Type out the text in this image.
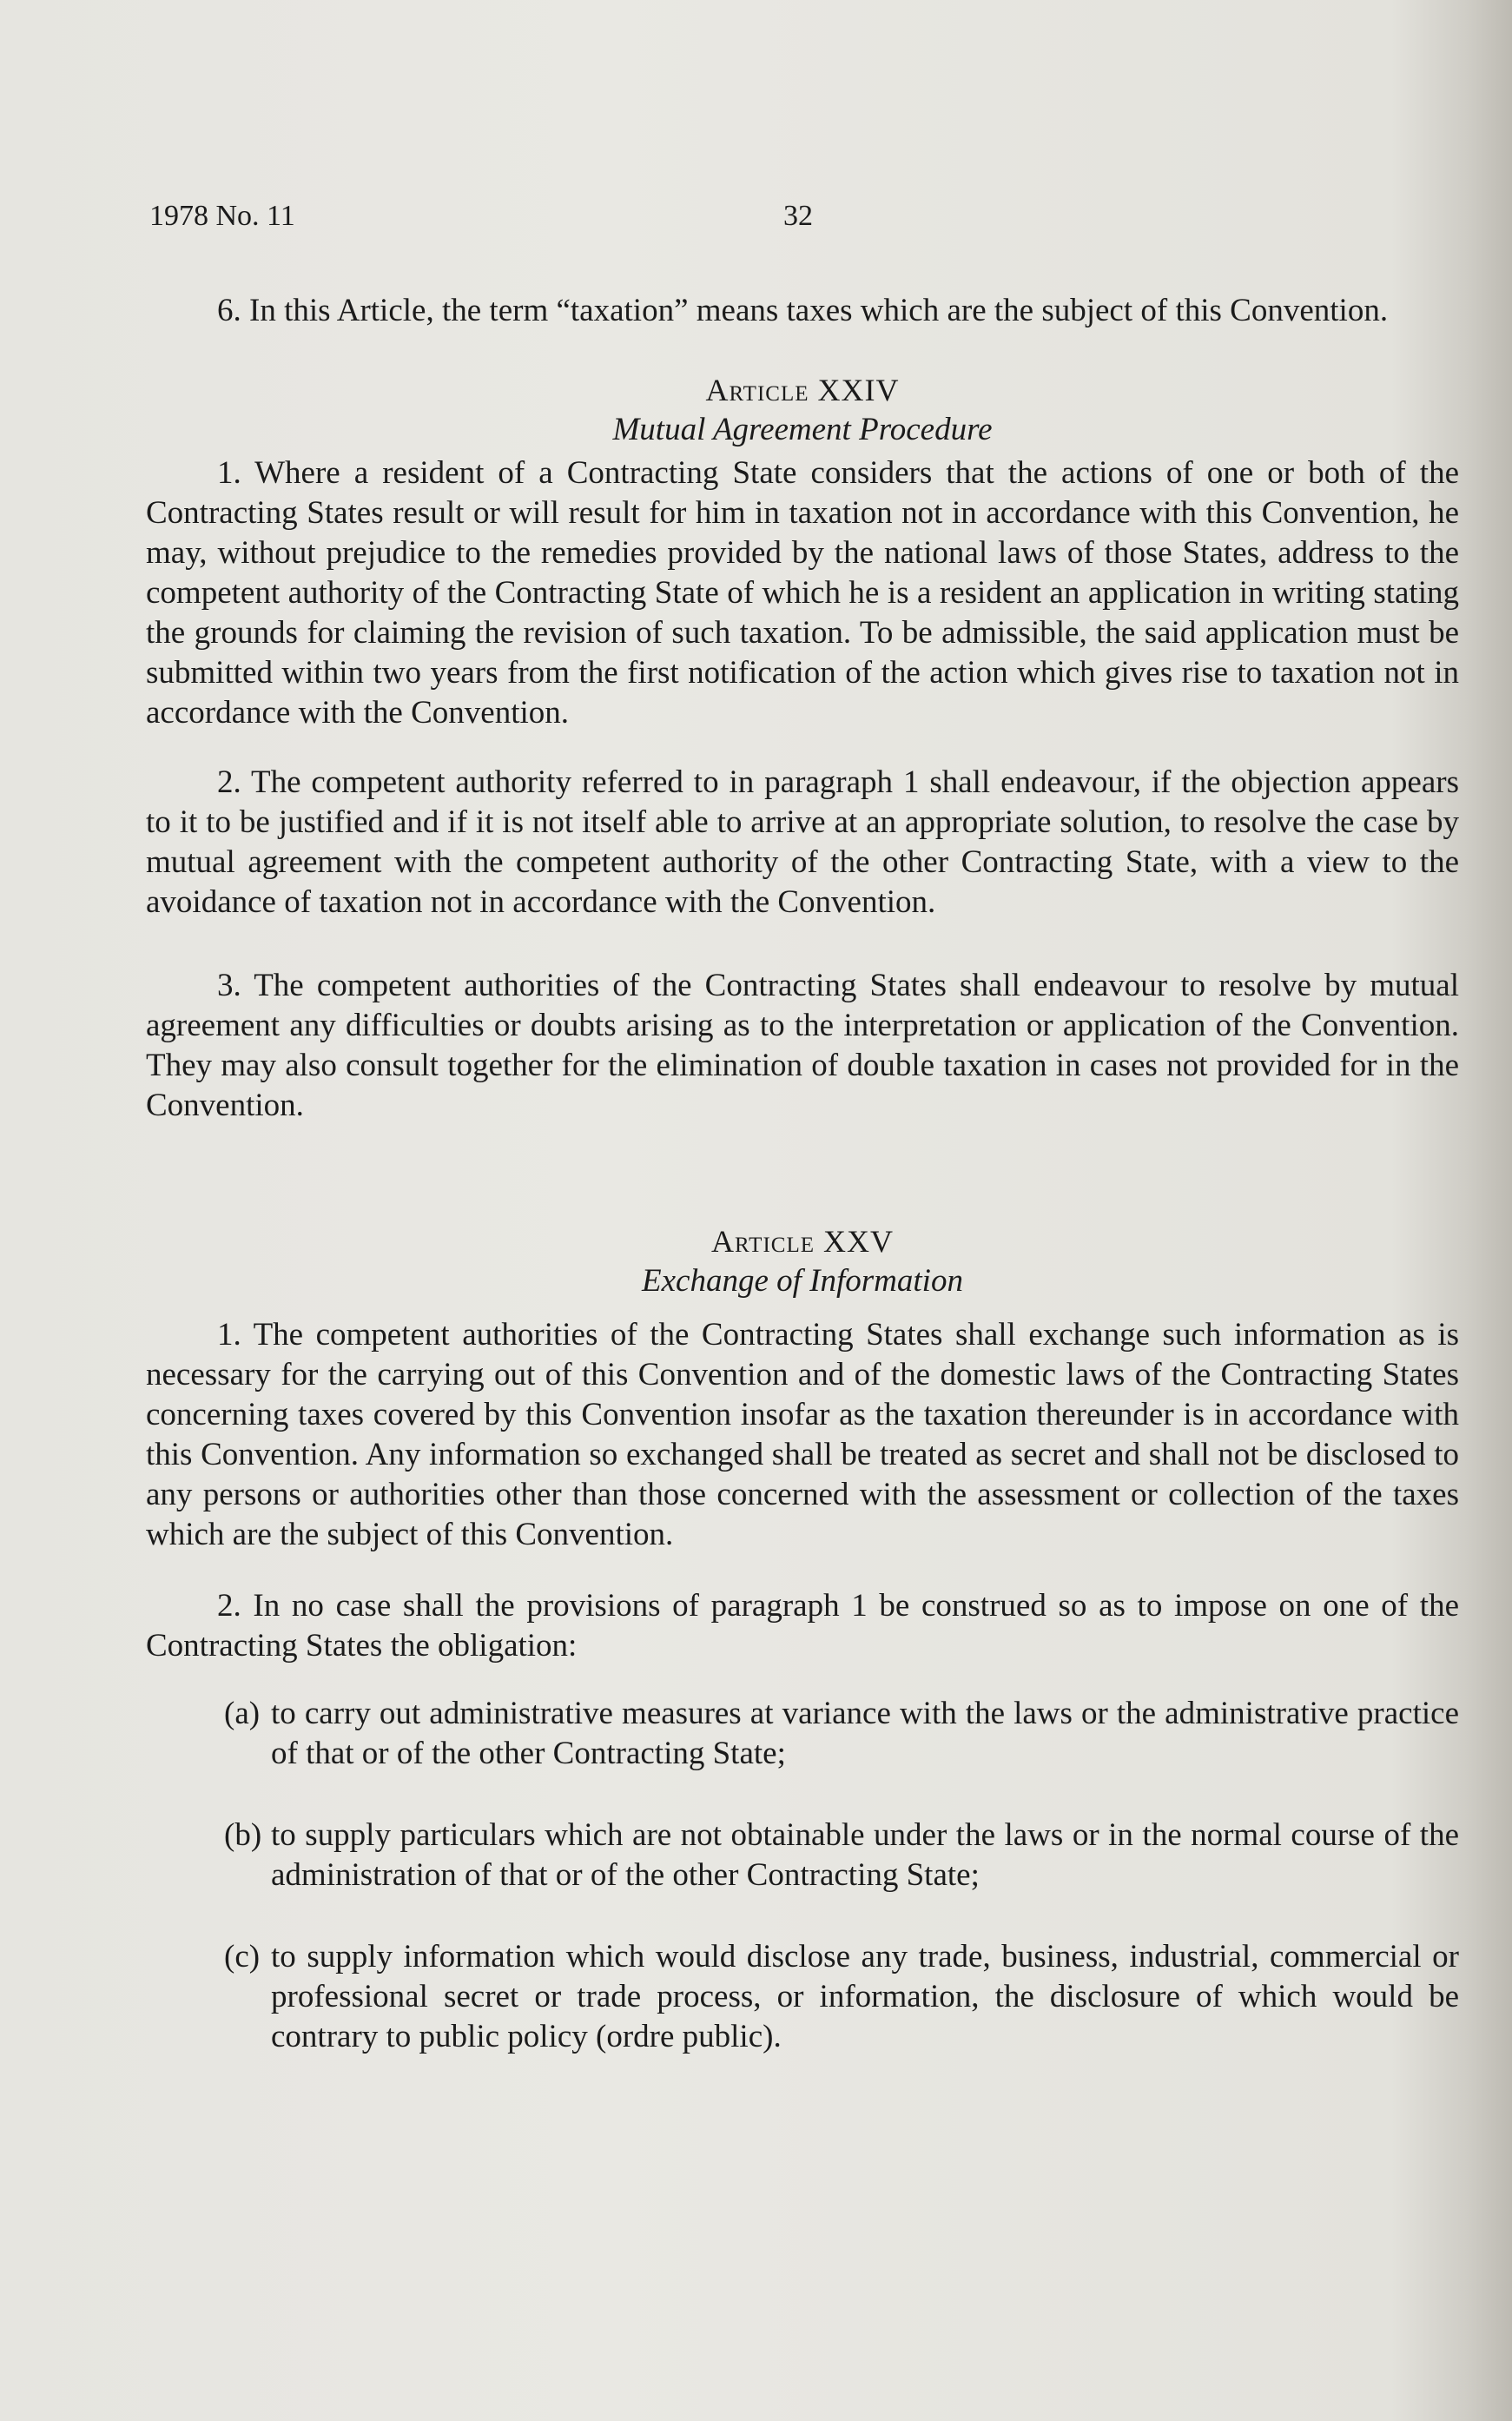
1978 No. 11	32

6. In this Article, the term “taxation” means taxes which are the subject of this Convention.

Article XXIV

Mutual Agreement Procedure

1. Where a resident of a Contracting State considers that the actions of one or both of the Contracting States result or will result for him in taxation not in accordance with this Convention, he may, without prejudice to the remedies provided by the national laws of those States, address to the competent authority of the Contracting State of which he is a resident an application in writing stating the grounds for claiming the revision of such taxation. To be admissible, the said application must be submitted within two years from the first notification of the action which gives rise to taxation not in accordance with the Convention.

2. The competent authority referred to in paragraph 1 shall endeavour, if the objection appears to it to be justified and if it is not itself able to arrive at an appropriate solution, to resolve the case by mutual agreement with the competent authority of the other Contracting State, with a view to the avoidance of taxation not in accordance with the Convention.

3. The competent authorities of the Contracting States shall endeavour to resolve by mutual agreement any difficulties or doubts arising as to the interpretation or application of the Convention. They may also consult together for the elimination of double taxation in cases not provided for in the Convention.

Article XXV

Exchange of Information

1. The competent authorities of the Contracting States shall exchange such information as is necessary for the carrying out of this Convention and of the domestic laws of the Contracting States concerning taxes covered by this Convention insofar as the taxation thereunder is in accordance with this Convention. Any information so exchanged shall be treated as secret and shall not be disclosed to any persons or authorities other than those concerned with the assessment or collection of the taxes which are the subject of this Convention.

2. In no case shall the provisions of paragraph 1 be construed so as to impose on one of the Contracting States the obligation:

(a) to carry out administrative measures at variance with the laws or the administrative practice of that or of the other Contracting State;
(b) to supply particulars which are not obtainable under the laws or in the normal course of the administration of that or of the other Contracting State;
(c) to supply information which would disclose any trade, business, industrial, commercial or professional secret or trade process, or information, the disclosure of which would be contrary to public policy (ordre public).
